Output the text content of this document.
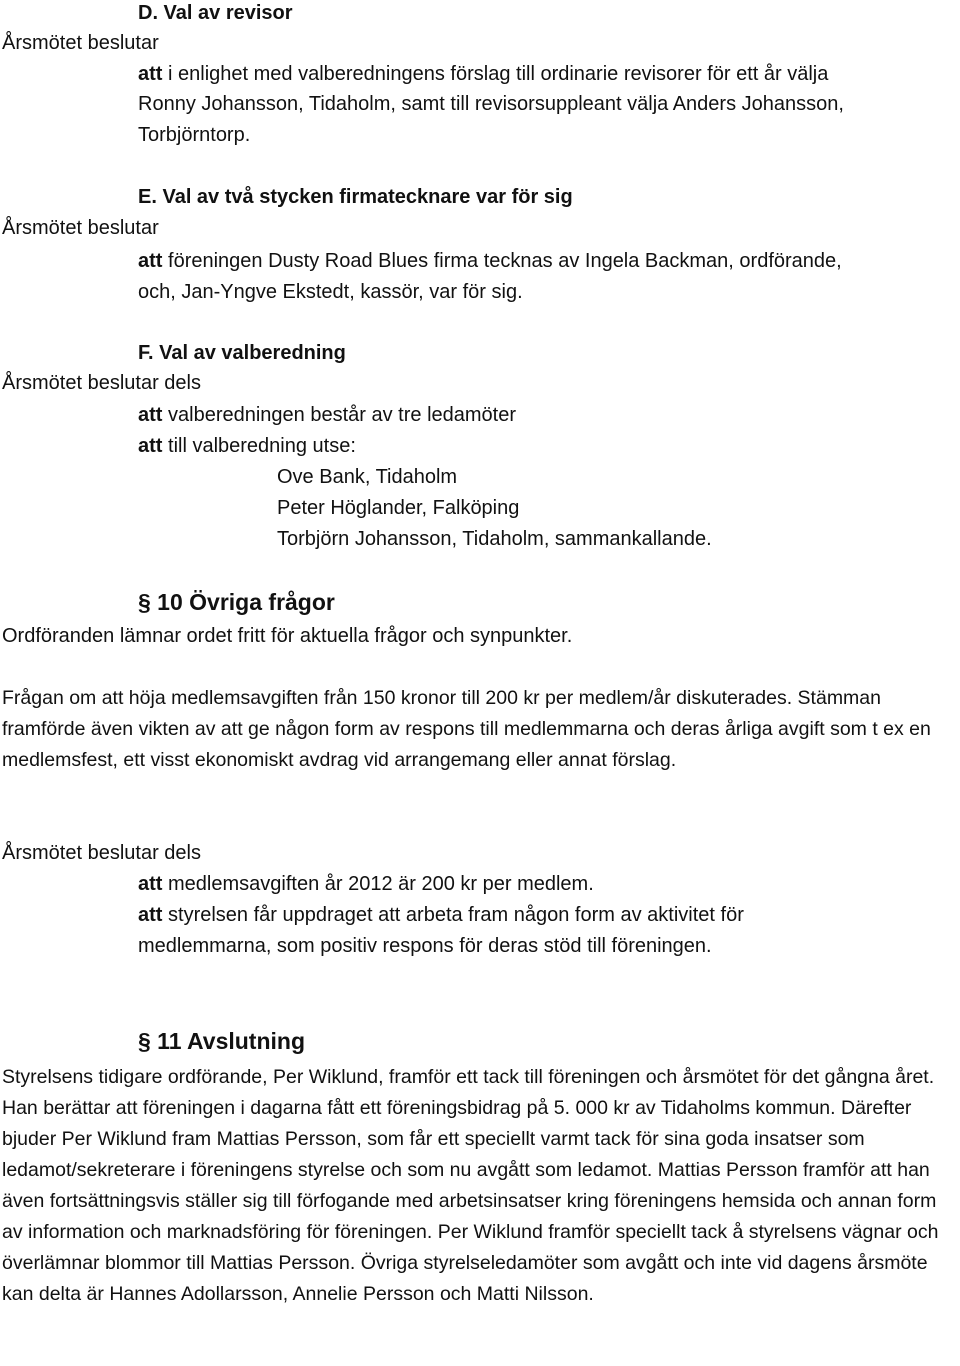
D. Val av revisor
Årsmötet beslutar
att i enlighet med valberedningens förslag till ordinarie revisorer för ett år välja
Ronny Johansson, Tidaholm, samt till revisorsuppleant välja Anders Johansson,
Torbjörntorp.
E. Val av två stycken firmatecknare var för sig
Årsmötet beslutar
att föreningen Dusty Road Blues firma tecknas av Ingela Backman, ordförande,
och, Jan-Yngve Ekstedt, kassör, var för sig.
F. Val av valberedning
Årsmötet beslutar dels
att valberedningen består av tre ledamöter
att till valberedning utse:
Ove Bank, Tidaholm
Peter Höglander, Falköping
Torbjörn Johansson, Tidaholm, sammankallande.
§ 10 Övriga frågor
Ordföranden lämnar ordet fritt för aktuella frågor och synpunkter.
Frågan om att höja medlemsavgiften från 150 kronor till 200 kr per medlem/år diskuterades. Stämman framförde även vikten av att ge någon form av respons till medlemmarna och deras årliga avgift som t ex en medlemsfest, ett visst ekonomiskt avdrag vid arrangemang eller annat förslag.
Årsmötet beslutar dels
att medlemsavgiften år 2012 är 200 kr per medlem.
att styrelsen får uppdraget att arbeta fram någon form av aktivitet för
medlemmarna, som positiv respons för deras stöd till föreningen.
§ 11 Avslutning
Styrelsens tidigare ordförande, Per Wiklund, framför ett tack till föreningen och årsmötet för det gångna året. Han berättar att föreningen i dagarna fått ett föreningsbidrag på 5. 000 kr av Tidaholms kommun. Därefter bjuder Per Wiklund fram Mattias Persson, som får ett speciellt varmt tack för sina goda insatser som ledamot/sekreterare i föreningens styrelse och som nu avgått som ledamot. Mattias Persson framför att han även fortsättningsvis ställer sig till förfogande med arbetsinsatser kring föreningens hemsida och annan form av information och marknadsföring för föreningen. Per Wiklund framför speciellt tack å styrelsens vägnar och överlämnar blommor till Mattias Persson. Övriga styrelseledamöter som avgått och inte vid dagens årsmöte kan delta är Hannes Adollarsson, Annelie Persson och Matti Nilsson.
